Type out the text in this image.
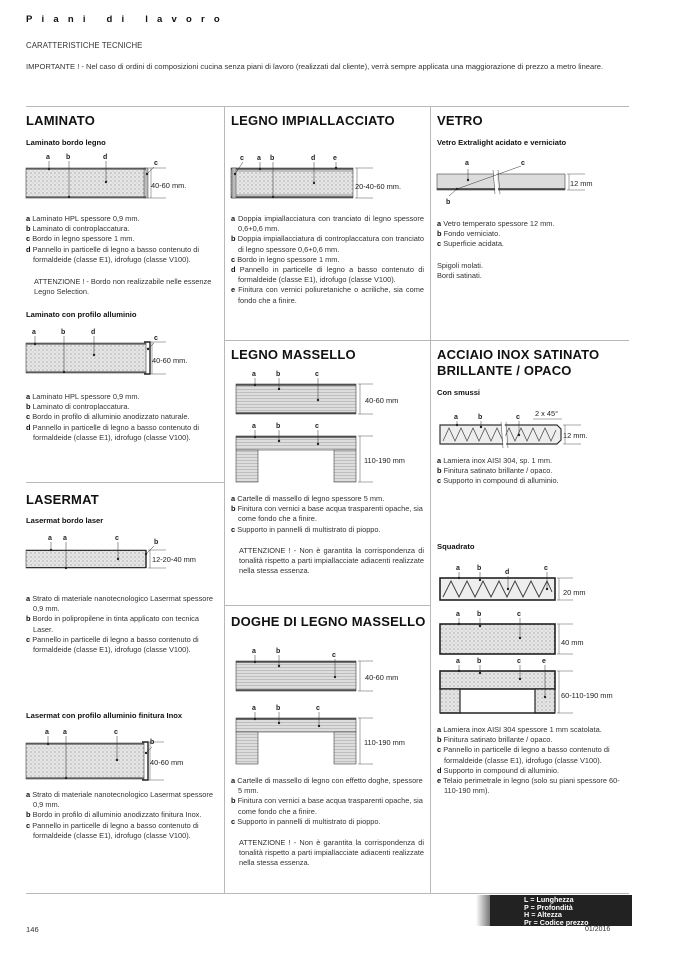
Piani di lavoro
CARATTERISTICHE TECNICHE
IMPORTANTE ! - Nel caso di ordini di composizioni cucina senza piani di lavoro (realizzati dal cliente), verrà sempre applicata una maggiorazione di prezzo a metro lineare.
LAMINATO
Laminato bordo legno
a b	d
c
40-60 mm.
a Laminato HPL spessore 0,9 mm.
b Laminato di controplaccatura.
c Bordo in legno spessore 1 mm.
d Pannello in particelle di legno a basso contenuto di formaldeide (classe E1), idrofugo (classe V100).
ATTENZIONE ! - Bordo non realizzabile nelle essenze Legno Selection.
Laminato con profilo alluminio
a	b	d
c
40-60 mm.
a Laminato HPL spessore 0,9 mm.
b Laminato di controplaccatura.
c Bordo in profilo di alluminio anodizzato naturale.
d Pannello in particelle di legno a basso contenuto di formaldeide (classe E1), idrofugo (classe V100).
LASERMAT
Lasermat bordo laser
a a	c
b
12-20-40 mm
a Strato di materiale nanotecnologico Lasermat spessore 0,9 mm.
b Bordo in polipropilene in tinta applicato con tecnica Laser.
c Pannello in particelle di legno a basso contenuto di formaldeide (classe E1), idrofugo (classe V100).
Lasermat con profilo alluminio finitura Inox
a a	c
b
40-60 mm
a Strato di materiale nanotecnologico Lasermat spessore 0,9 mm.
b Bordo in profilo di alluminio anodizzato finitura Inox.
c Pannello in particelle di legno a basso contenuto di formaldeide (classe E1), idrofugo (classe V100).
LEGNO IMPIALLACCIATO
c a b	d	e
20-40-60 mm.
a Doppia impiallacciatura con tranciato di legno spessore 0,6+0,6 mm.
b Doppia impiallacciatura di controplaccatura con tranciato di legno spessore 0,6+0,6 mm.
c Bordo in legno spessore 1 mm.
d Pannello in particelle di legno a basso contenuto di formaldeide (classe E1), idrofugo (classe V100).
e Finitura con vernici poliuretaniche o acriliche, sia come fondo che a finire.
LEGNO MASSELLO
a	b	c
40-60 mm
a	b	c
110-190 mm
a Cartelle di massello di legno spessore 5 mm.
b Finitura con vernici a base acqua trasparenti opache, sia come fondo che a finire.
c Supporto in pannelli di multistrato di pioppo.
ATTENZIONE ! - Non è garantita la corrispondenza di tonalità rispetto a parti impiallacciate adiacenti realizzate nella stessa essenza.
DOGHE DI LEGNO MASSELLO
a	b
c
40-60 mm
a	b	c
110-190 mm
a Cartelle di massello di legno con effetto doghe, spessore 5 mm.
b Finitura con vernici a base acqua trasparenti opache, sia come fondo che a finire.
c Supporto in pannelli di multistrato di pioppo.
ATTENZIONE ! - Non è garantita la corrispondenza di tonalità rispetto a parti impiallacciate adiacenti realizzate nella stessa essenza.
VETRO
Vetro Extralight acidato e verniciato
a	c
b
12 mm
a Vetro temperato spessore 12 mm.
b Fondo verniciato.
c Superficie acidata.
Spigoli molati.
Bordi satinati.
ACCIAIO INOX SATINATO
BRILLANTE / OPACO
Con smussi
a	b	c 2 x 45°
12 mm.
a Lamiera inox AISI 304, sp. 1 mm.
b Finitura satinato brillante / opaco.
c Supporto in compound di alluminio.
Squadrato
a b
d
c
20 mm
a b	c
40 mm
a b	c	e
60-110-190 mm
a Lamiera inox AISI 304 spessore 1 mm scatolata.
b Finitura satinato brillante / opaco.
c Pannello in particelle di legno a basso contenuto di formaldeide (classe E1), idrofugo (classe V100).
d Supporto in compound di alluminio.
e Telaio perimetrale in legno (solo su piani spessore 60-110-190 mm).
L = Lunghezza
P = Profondità
H = Altezza
Pr = Codice prezzo
146	01/2016
